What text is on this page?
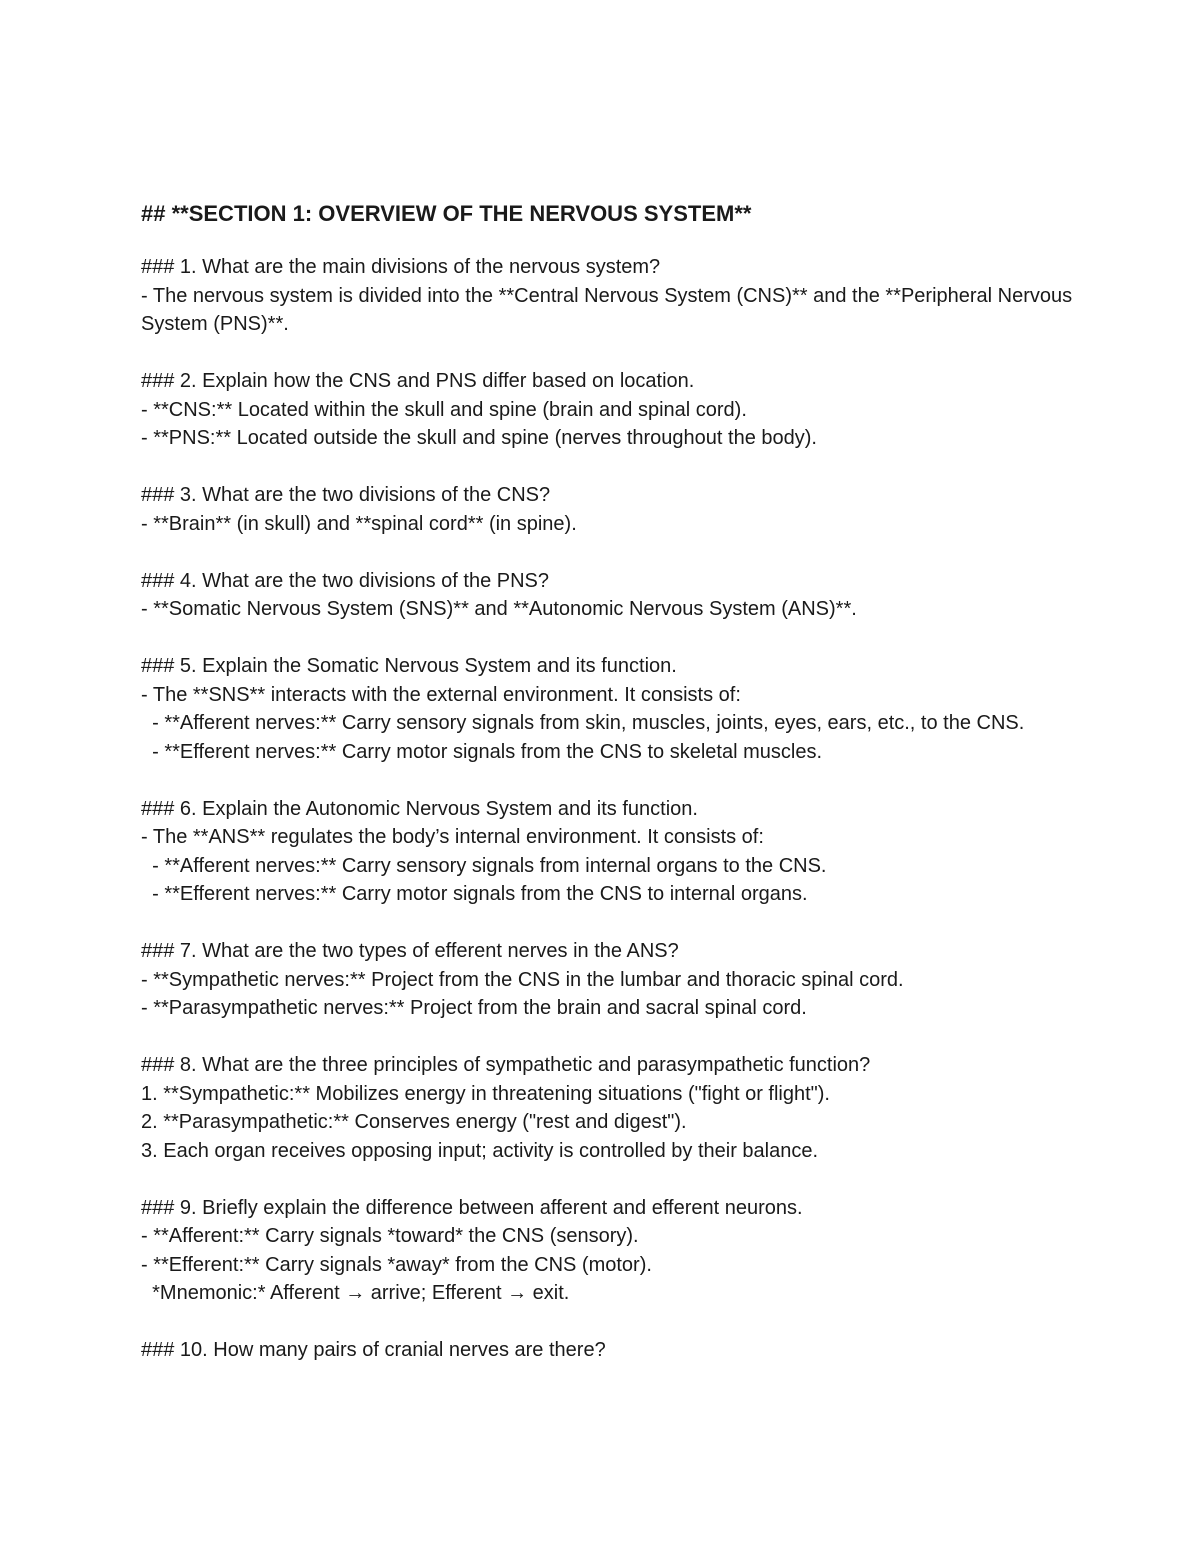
## **SECTION 1: OVERVIEW OF THE NERVOUS SYSTEM**

### 1. What are the main divisions of the nervous system?

- The nervous system is divided into the **Central Nervous System (CNS)** and the **Peripheral Nervous System (PNS)**.

### 2. Explain how the CNS and PNS differ based on location.

- **CNS:** Located within the skull and spine (brain and spinal cord).

- **PNS:** Located outside the skull and spine (nerves throughout the body).

### 3. What are the two divisions of the CNS?

- **Brain** (in skull) and **spinal cord** (in spine).

### 4. What are the two divisions of the PNS?

- **Somatic Nervous System (SNS)** and **Autonomic Nervous System (ANS)**.

### 5. Explain the Somatic Nervous System and its function.

- The **SNS** interacts with the external environment. It consists of:

- **Afferent nerves:** Carry sensory signals from skin, muscles, joints, eyes, ears, etc., to the CNS.

- **Efferent nerves:** Carry motor signals from the CNS to skeletal muscles.

### 6. Explain the Autonomic Nervous System and its function.

- The **ANS** regulates the body’s internal environment. It consists of:

- **Afferent nerves:** Carry sensory signals from internal organs to the CNS.

- **Efferent nerves:** Carry motor signals from the CNS to internal organs.

### 7. What are the two types of efferent nerves in the ANS?

- **Sympathetic nerves:** Project from the CNS in the lumbar and thoracic spinal cord.

- **Parasympathetic nerves:** Project from the brain and sacral spinal cord.

### 8. What are the three principles of sympathetic and parasympathetic function?

1. **Sympathetic:** Mobilizes energy in threatening situations ("fight or flight").

2. **Parasympathetic:** Conserves energy ("rest and digest").

3. Each organ receives opposing input; activity is controlled by their balance.

### 9. Briefly explain the difference between afferent and efferent neurons.

- **Afferent:** Carry signals *toward* the CNS (sensory).

- **Efferent:** Carry signals *away* from the CNS (motor).

*Mnemonic:* Afferent → arrive; Efferent → exit.

### 10. How many pairs of cranial nerves are there?
